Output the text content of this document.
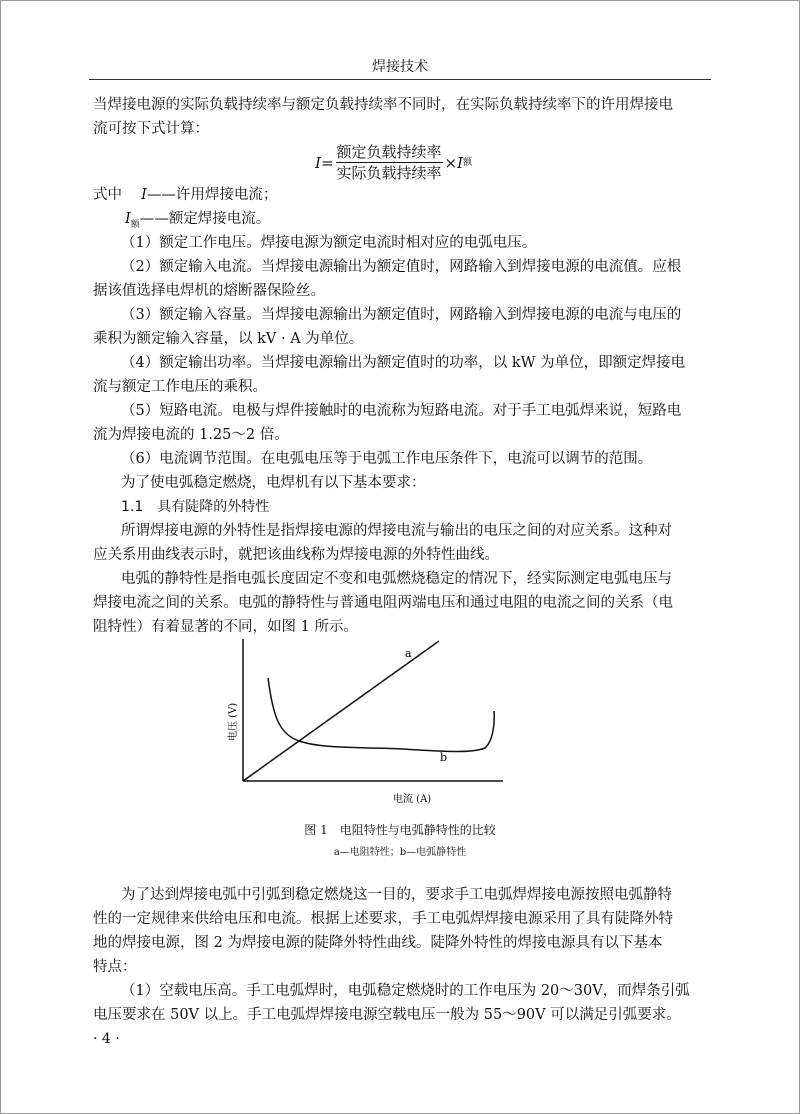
焊接技术

当焊接电源的实际负载持续率与额定负载持续率不同时，在实际负载持续率下的许用焊接电

流可按下式计算：

$I = \frac{\text{额定负载持续率}}{\text{实际负载持续率}} \times I$ 额

式中　 I——许用焊接电流；

$I_额——$额定焊接电流。

（1）额定工作电压。焊接电源为额定电流时相对应的电弧电压。

（2）额定输入电流。当焊接电源输出为额定值时，网路输入到焊接电源的电流值。应根

据该值选择电焊机的熔断器保险丝。

（3）额定输入容量。当焊接电源输出为额定值时，网路输入到焊接电源的电流与电压的

乘积为额定输入容量，以 kV · A 为单位。

（4）额定输出功率。当焊接电源输出为额定值时的功率，以 kW 为单位，即额定焊接电

流与额定工作电压的乘积。

（5）短路电流。电极与焊件接触时的电流称为短路电流。对于手工电弧焊来说，短路电

流为焊接电流的 1.25～2 倍。

（6）电流调节范围。在电弧电压等于电弧工作电压条件下，电流可以调节的范围。

为了使电弧稳定燃烧，电焊机有以下基本要求：

1.1　具有陡降的外特性

所谓焊接电源的外特性是指焊接电源的焊接电流与输出的电压之间的对应关系。这种对

应关系用曲线表示时，就把该曲线称为焊接电源的外特性曲线。

电弧的静特性是指电弧长度固定不变和电弧燃烧稳定的情况下，经实际测定电弧电压与

焊接电流之间的关系。电弧的静特性与普通电阻两端电压和通过电阻的电流之间的关系（电

阻特性）有着显著的不同，如图 1 所示。

a
b
电压 (V)
电流 (A)
图 1　电阻特性与电弧静特性的比较
a—电阻特性；b—电弧静特性

为了达到焊接电弧中引弧到稳定燃烧这一目的，要求手工电弧焊焊接电源按照电弧静特

性的一定规律来供给电压和电流。根据上述要求，手工电弧焊焊接电源采用了具有陡降外特

地的焊接电源，图 2 为焊接电源的陡降外特性曲线。陡降外特性的焊接电源具有以下基本

特点：

（1）空载电压高。手工电弧焊时，电弧稳定燃烧时的工作电压为 20～30V，而焊条引弧

电压要求在 50V 以上。手工电弧焊焊接电源空载电压一般为 55～90V 可以满足引弧要求。

· 4 ·
